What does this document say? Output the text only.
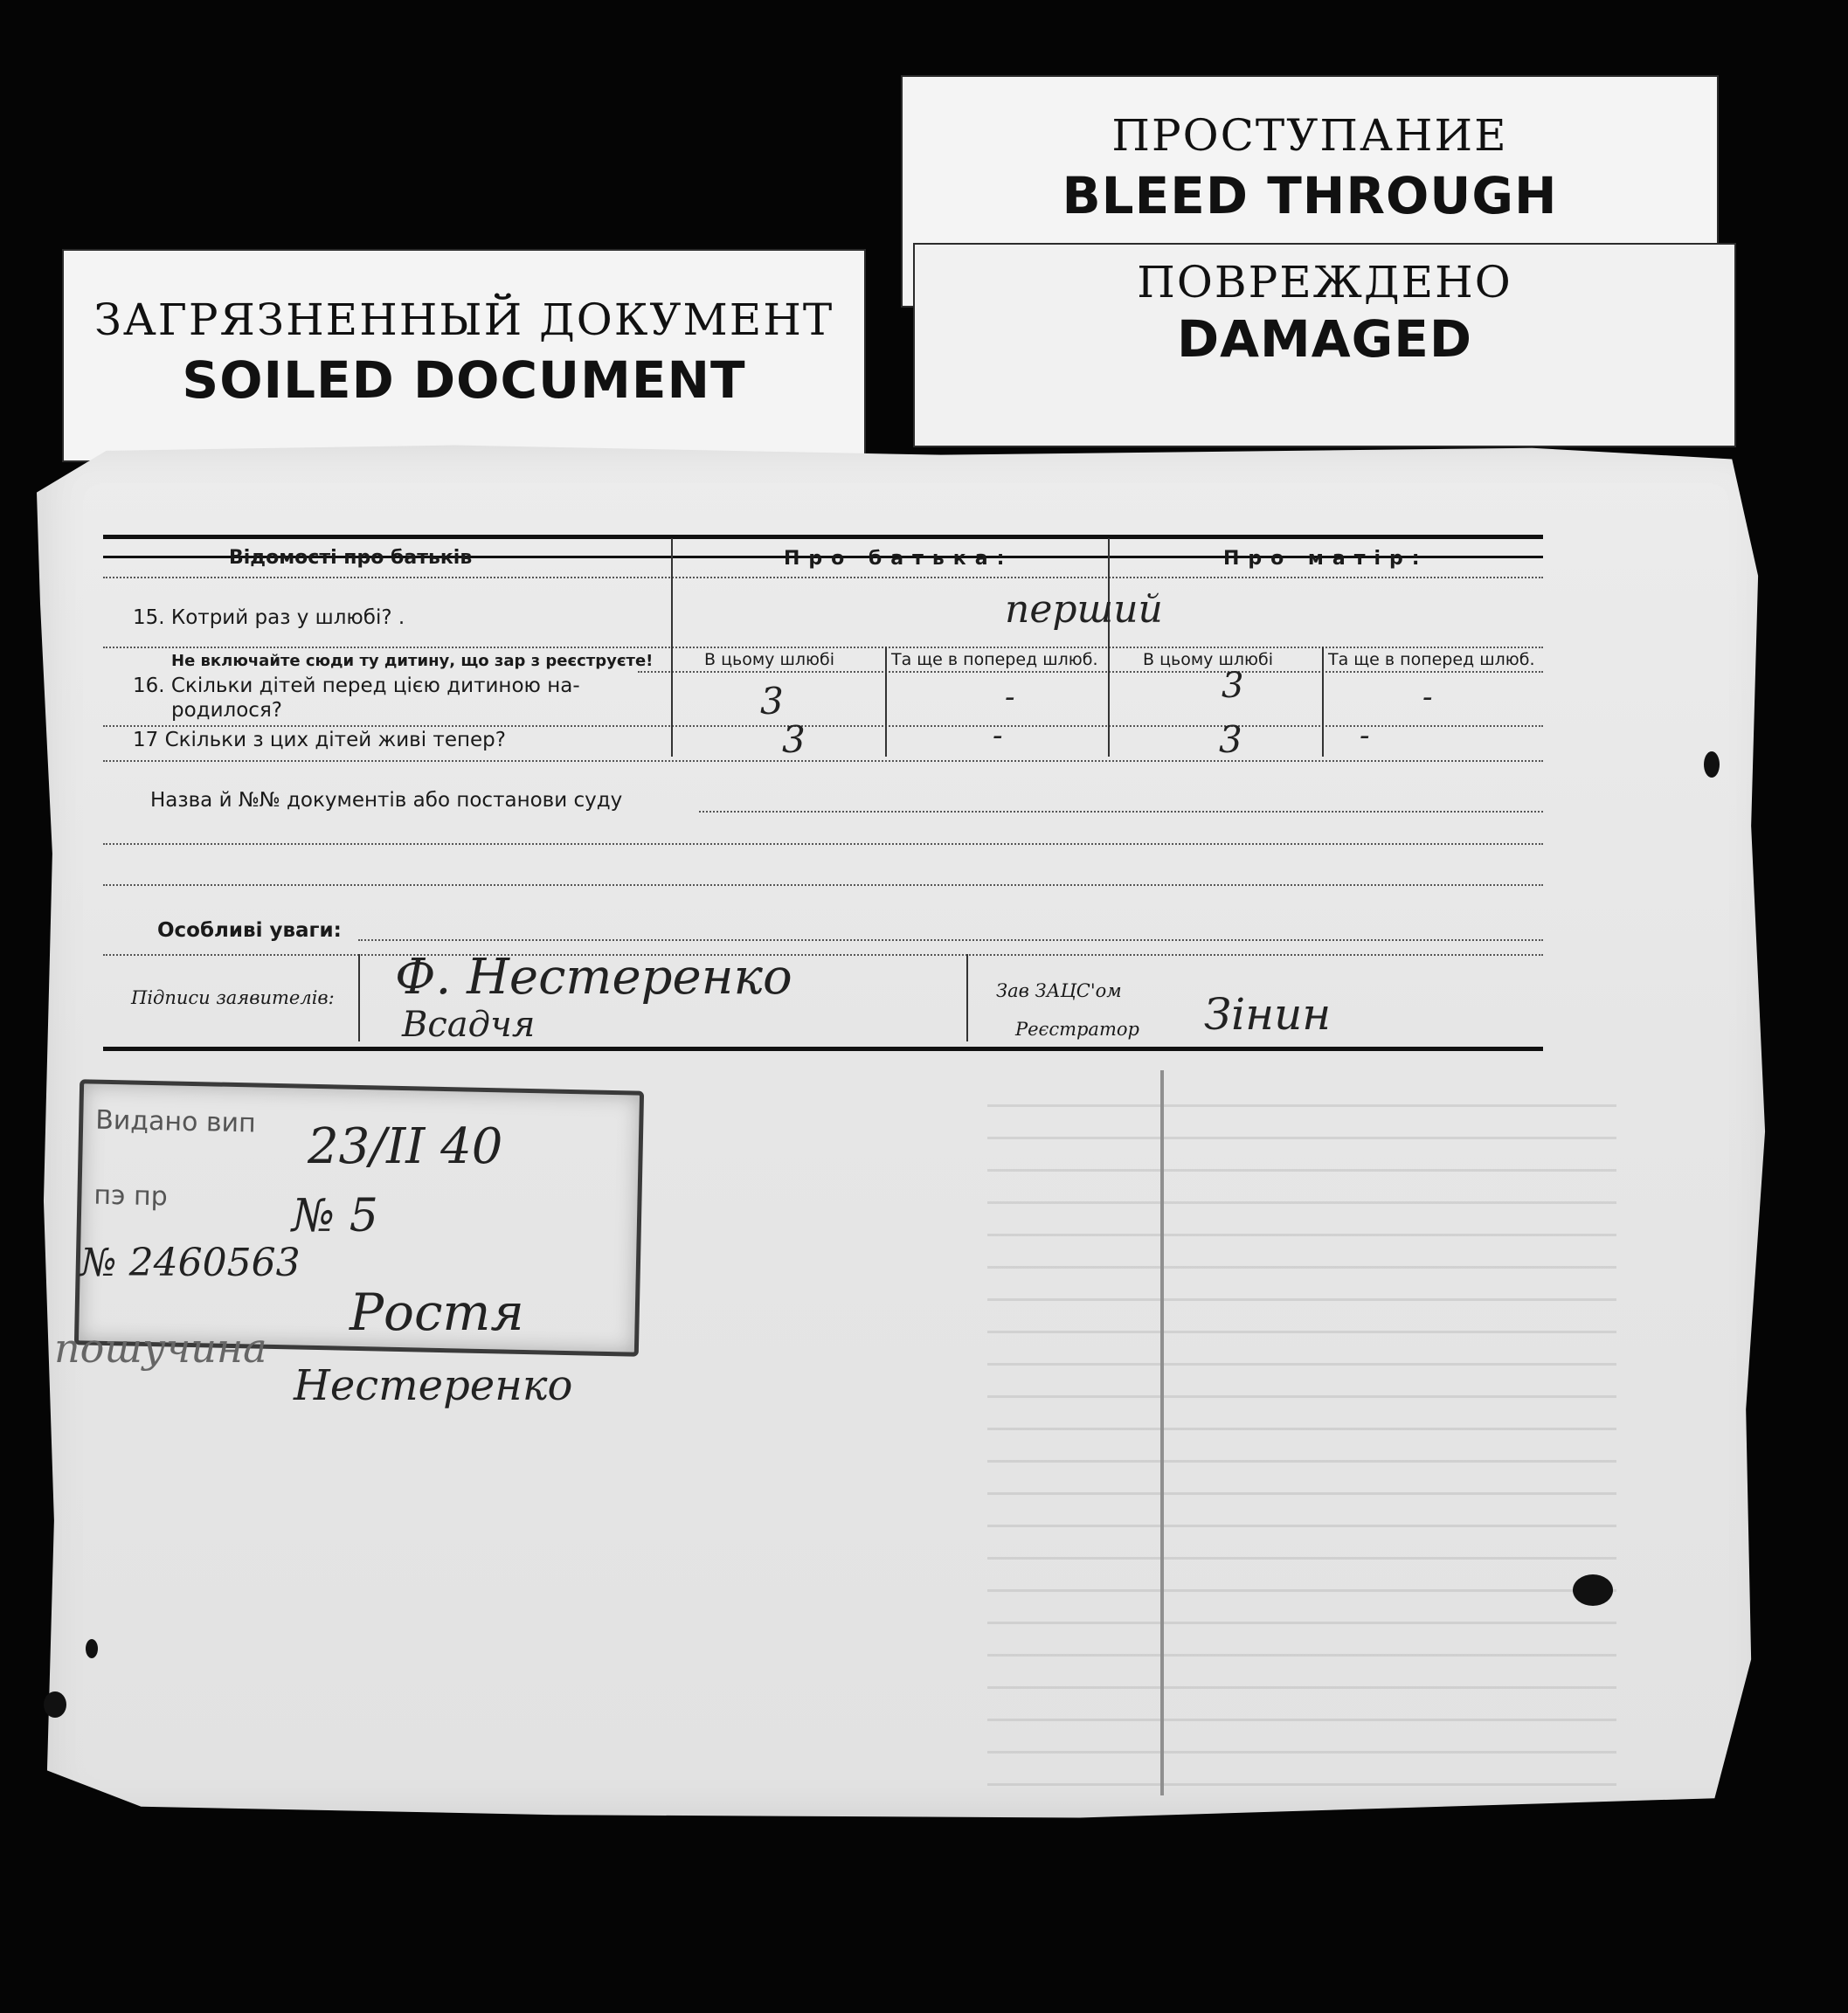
ПРОСТУПАНИЕ
BLEED THROUGH
ПОВРЕЖДЕНО
DAMAGED
ЗАГРЯЗНЕННЫЙ ДОКУМЕНТ
SOILED DOCUMENT
Відомості про батьків	Про батька:	Про матір:
15. Котрий раз у шлюбі? .	перший
Не включайте сюди ту дитину, що зар з реєструєте!	В цьому шлюбі	Та ще в поперед шлюб.	В цьому шлюбі	Та ще в поперед шлюб.
16. Скільки дітей перед цією дитиною на-
родилося?	3	-	3	-
17 Скільки з цих дітей живі тепер?	3	-	3	-
Назва й №№ документів або постанови суду
Особливі уваги:
Підписи заявителів: Ф. Нестеренко
Всадчя
Зав ЗАЦС'ом
Реєстратор Зінин
Видано вип
пэ пр
23/II 40
№ 5
№ 2460563
Ростя
Нестеренко
пошучина
